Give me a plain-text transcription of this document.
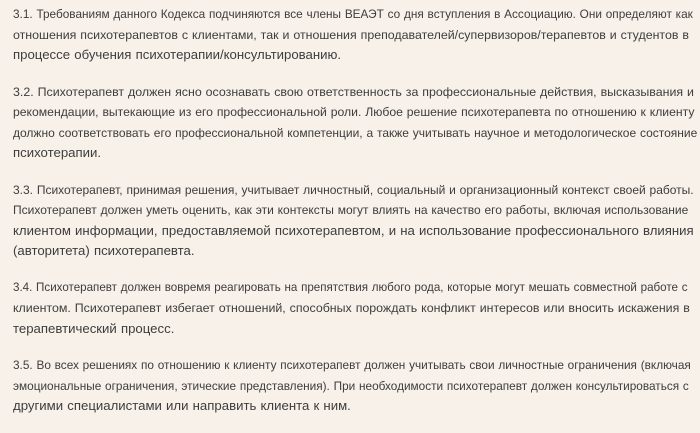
3.1. Требованиям данного Кодекса подчиняются все члены ВЕАЭТ со дня вступления в Ассоциацию. Они определяют как
отношения психотерапевтов с клиентами, так и отношения преподавателей/супервизоров/терапевтов и студентов в
процессе обучения психотерапии/консультированию.

3.2. Психотерапевт должен ясно осознавать свою ответственность за профессиональные действия, высказывания и
рекомендации, вытекающие из его профессиональной роли. Любое решение психотерапевта по отношению к клиенту
должно соответствовать его профессиональной компетенции, а также учитывать научное и методологическое состояние
психотерапии.

3.3. Психотерапевт, принимая решения, учитывает личностный, социальный и организационный контекст своей работы.
Психотерапевт должен уметь оценить, как эти контексты могут влиять на качество его работы, включая использование
клиентом информации, предоставляемой психотерапевтом, и на использование профессионального влияния
(авторитета) психотерапевта.

3.4. Психотерапевт должен вовремя реагировать на препятствия любого рода, которые могут мешать совместной работе с
клиентом. Психотерапевт избегает отношений, способных порождать конфликт интересов или вносить искажения в
терапевтический процесс.

3.5. Во всех решениях по отношению к клиенту психотерапевт должен учитывать свои личностные ограничения (включая
эмоциональные ограничения, этические представления). При необходимости психотерапевт должен консультироваться с
другими специалистами или направить клиента к ним.
